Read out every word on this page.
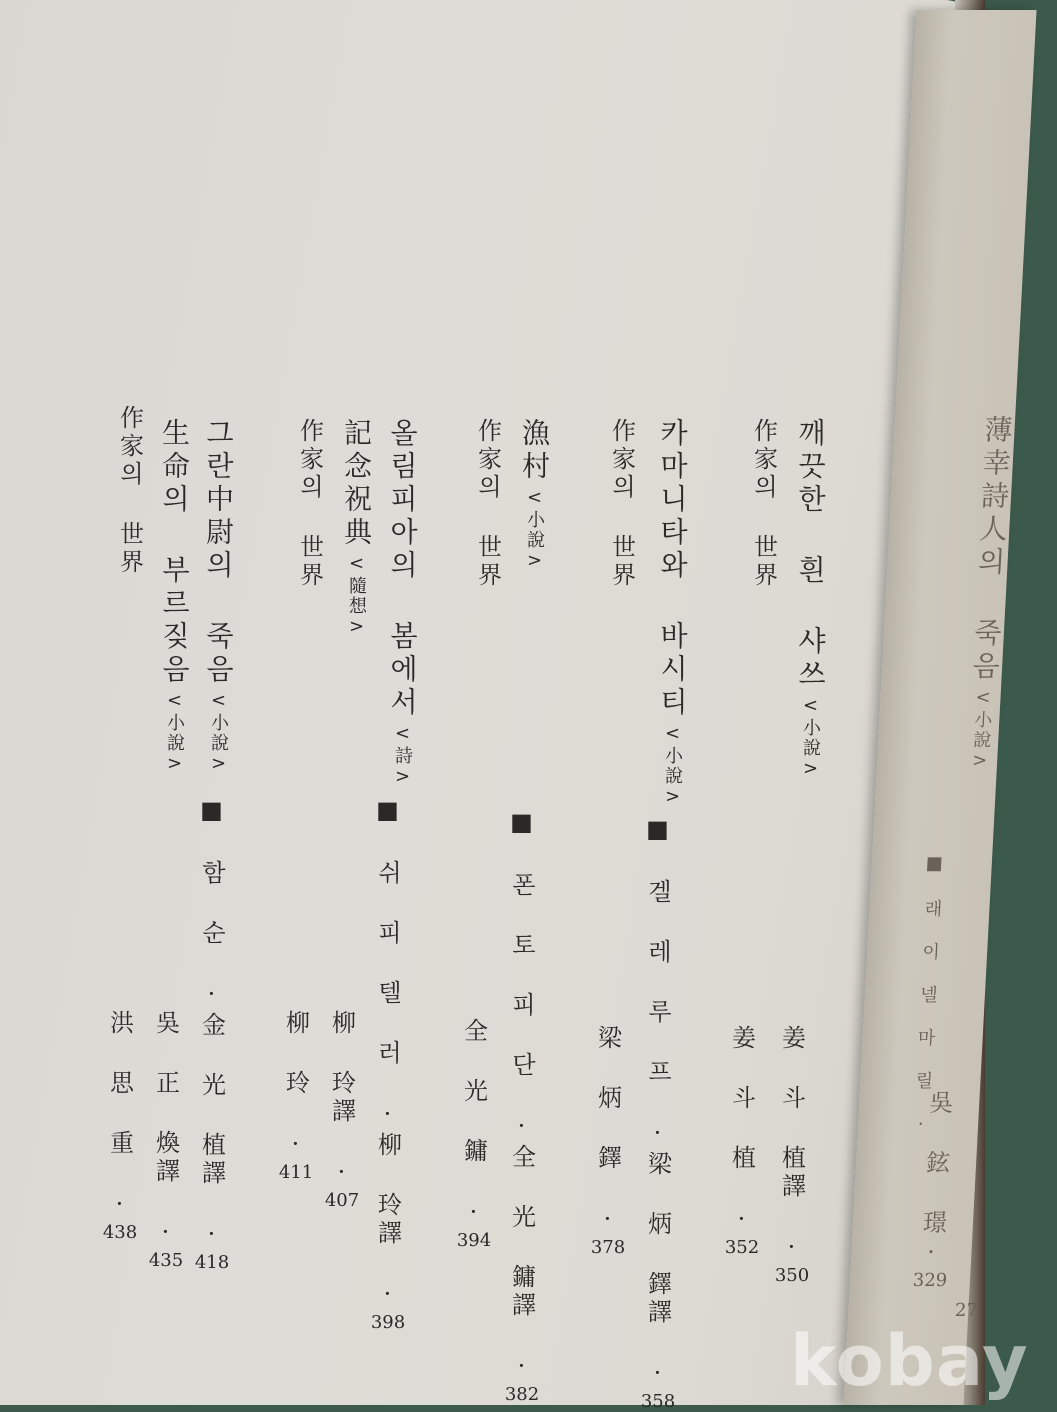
薄幸詩人의 죽음
<小說>
■ 래 이 넬 마 릴 ·
吳 鉉 璟·
329
27
깨끗한 흰 샤쓰
<小說>
姜 斗 植譯 ·
350
作家의 世界
姜 斗 植 ·
352
카마니타와 바시티
<小說>
■ 겔 레 루 프 ·
梁 炳 鐸譯 ·
358
作家의 世界
梁 炳 鐸 ·
378
漁村
<小說>
■ 폰 토 피 단 ·
全 光 鏞譯 ·
382
作家의 世界
全 光 鏞 ·
394
올림피아의 봄에서
<詩>
■ 쉬 피 텔 러 ·
柳 玲譯 ·
398
記念祝典
<隨想>
柳 玲譯 ·
407
作家의 世界
柳 玲 ·
411
그란中尉의 죽음
<小說>
■ 함 순 ·
金 光 植譯 ·
418
生命의 부르짖음
<小說>
吳 正 煥譯 ·
435
作家의 世界
洪 思 重 ·
438
kobay
